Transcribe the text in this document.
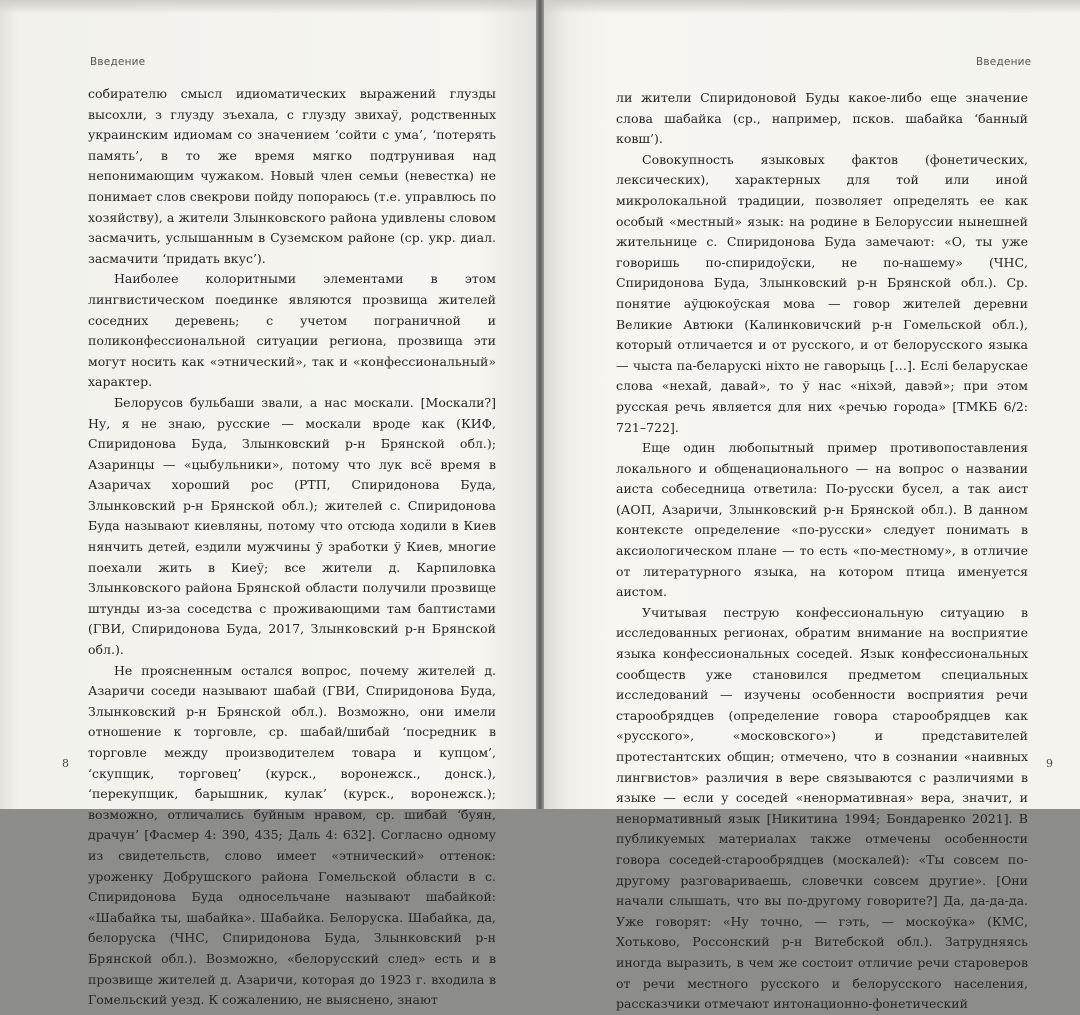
Введение

собирателю смысл идиоматических выражений глузды высохли, з глузду зъехала, с глузду звихаў, родственных украинским идиомам со значением ‘сойти с ума’, ‘потерять память’, в то же время мягко подтрунивая над непонимающим чужаком. Новый член семьи (невестка) не понимает слов свекрови пойду попораюсь (т.е. управлюсь по хозяйству), а жители Злынковского района удивлены словом засмачить, услышанным в Суземском районе (ср. укр. диал. засмачити ‘придать вкус’).

Наиболее колоритными элементами в этом лингвистическом поединке являются прозвища жителей соседних деревень; с учетом пограничной и поликонфессиональной ситуации региона, прозвища эти могут носить как «этнический», так и «конфессиональный» характер.

Белорусов бульбаши звали, а нас москали. [Москали?] Ну, я не знаю, русские — москали вроде как (КИФ, Спиридонова Буда, Злынковский р-н Брянской обл.); Азаринцы — «цыбульники», потому что лук всё время в Азаричах хороший рос (РТП, Спиридонова Буда, Злынковский р-н Брянской обл.); жителей с. Спиридонова Буда называют киевляны, потому что отсюда ходили в Киев нянчить детей, ездили мужчины ў зработки ў Киев, многие поехали жить в Киеў; все жители д. Карпиловка Злынковского района Брянской области получили прозвище штунды из-за соседства с проживающими там баптистами (ГВИ, Спиридонова Буда, 2017, Злынковский р-н Брянской обл.).

Не проясненным остался вопрос, почему жителей д. Азаричи соседи называют шабай (ГВИ, Спиридонова Буда, Злынковский р-н Брянской обл.). Возможно, они имели отношение к торговле, ср. шабай/шибай ‘посредник в торговле между производителем товара и купцом’, ‘скупщик, торговец’ (курск., воронежск., донск.), ‘перекупщик, барышник, кулак’ (курск., воронежск.); возможно, отличались буйным нравом, ср. шибай ‘буян, драчун’ [Фасмер 4: 390, 435; Даль 4: 632]. Согласно одному из свидетельств, слово имеет «этнический» оттенок: уроженку Добрушского района Гомельской области в с. Спиридонова Буда односельчане называют шабайкой: «Шабайка ты, шабайка». Шабайка. Белоруска. Шабайка, да, белоруска (ЧНС, Спиридонова Буда, Злынковский р-н Брянской обл.). Возможно, «белорусский след» есть и в прозвище жителей д. Азаричи, которая до 1923 г. входила в Гомельский уезд. К сожалению, не выяснено, знают

8
Введение

ли жители Спиридоновой Буды какое-либо еще значение слова шабайка (ср., например, псков. шабайка ‘банный ковш’).

Совокупность языковых фактов (фонетических, лексических), характерных для той или иной микролокальной традиции, позволяет определять ее как особый «местный» язык: на родине в Белоруссии нынешней жительнице с. Спиридонова Буда замечают: «О, ты уже говоришь по-спиридоўски, не по-нашему» (ЧНС, Спиридонова Буда, Злынковский р-н Брянской обл.). Ср. понятие аўцюкоўская мова — говор жителей деревни Великие Автюки (Калинковичский р-н Гомельской обл.), который отличается и от русского, и от белорусского языка — чыста па-беларускi нiхто не гаворыць […]. Еслi беларускае слова «нехай, давай», то ў нас «нiхэй, давэй»; при этом русская речь является для них «речью города» [ТМКБ 6/2: 721–722].

Еще один любопытный пример противопоставления локального и общенационального — на вопрос о названии аиста собеседница ответила: По-русски бусел, а так аист (АОП, Азаричи, Злынковский р-н Брянской обл.). В данном контексте определение «по-русски» следует понимать в аксиологическом плане — то есть «по-местному», в отличие от литературного языка, на котором птица именуется аистом.

Учитывая пеструю конфессиональную ситуацию в исследованных регионах, обратим внимание на восприятие языка конфессиональных соседей. Язык конфессиональных сообществ уже становился предметом специальных исследований — изучены особенности восприятия речи старообрядцев (определение говора старообрядцев как «русского», «московского») и представителей протестантских общин; отмечено, что в сознании «наивных лингвистов» различия в вере связываются с различиями в языке — если у соседей «ненормативная» вера, значит, и ненормативный язык [Никитина 1994; Бондаренко 2021]. В публикуемых материалах также отмечены особенности говора соседей-старообрядцев (москалей): «Ты совсем по-другому разговариваешь, словечки совсем другие». [Они начали слышать, что вы по-другому говорите?] Да, да-да-да. Уже говорят: «Ну точно, — гэть, — москоўка» (КМС, Хотьково, Россонский р-н Витебской обл.). Затрудняясь иногда выразить, в чем же состоит отличие речи староверов от речи местного русского и белорусского населения, рассказчики отмечают интонационно-фонетический

9
